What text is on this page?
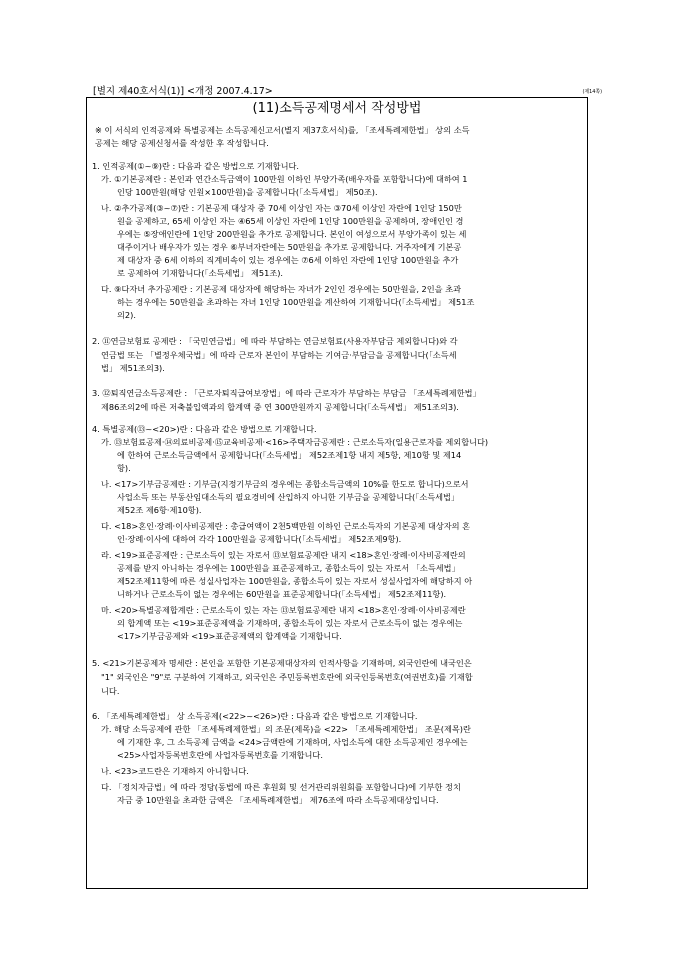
[별지 제40호서식(1)] <개정 2007.4.17>	(제14쪽)
(11)소득공제명세서 작성방법
※ 이 서식의 인적공제와 특별공제는 소득공제신고서(별지 제37호서식)를, 「조세특례제한법」 상의 소득
공제는 해당 공제신청서를 작성한 후 작성합니다.
1. 인적공제(①~⑨)란 : 다음과 같은 방법으로 기재합니다.
가. ①기본공제란 : 본인과 연간소득금액이 100만원 이하인 부양가족(배우자를 포함합니다)에 대하여 1
인당 100만원(해당 인원×100만원)을 공제합니다(「소득세법」 제50조).
나. ②추가공제(③~⑦)란 : 기본공제 대상자 중 70세 이상인 자는 ③70세 이상인 자란에 1인당 150만
원을 공제하고, 65세 이상인 자는 ④65세 이상인 자란에 1인당 100만원을 공제하며, 장애인인 경
우에는 ⑤장애인란에 1인당 200만원을 추가로 공제합니다. 본인이 여성으로서 부양가족이 있는 세
대주이거나 배우자가 있는 경우 ⑥부녀자란에는 50만원을 추가로 공제합니다. 거주자에게 기본공
제 대상자 중 6세 이하의 직계비속이 있는 경우에는 ⑦6세 이하인 자란에 1인당 100만원을 추가
로 공제하여 기재합니다(「소득세법」 제51조).
다. ⑨다자녀 추가공제란 : 기본공제 대상자에 해당하는 자녀가 2인인 경우에는 50만원을, 2인을 초과
하는 경우에는 50만원을 초과하는 자녀 1인당 100만원을 계산하여 기재합니다(「소득세법」 제51조
의2).
2. ⑪연금보험료 공제란 : 「국민연금법」에 따라 부담하는 연금보험료(사용자부담금 제외합니다)와 각
연금법 또는 「별정우체국법」에 따라 근로자 본인이 부담하는 기여금·부담금을 공제합니다(「소득세
법」 제51조의3).
3. ⑫퇴직연금소득공제란 : 「근로자퇴직급여보장법」에 따라 근로자가 부담하는 부담금 「조세특례제한법」
제86조의2에 따른 저축불입액과의 합계액 중 연 300만원까지 공제합니다(「소득세법」 제51조의3).
4. 특별공제(⑬~<20>)란 : 다음과 같은 방법으로 기재합니다.
가. ⑬보험료공제·⑭의료비공제·⑮교육비공제·<16>주택자금공제란 : 근로소득자(일용근로자를 제외합니다)
에 한하여 근로소득금액에서 공제합니다(「소득세법」 제52조제1항 내지 제5항, 제10항 및 제14
항).
나. <17>기부금공제란 : 기부금(지정기부금의 경우에는 종합소득금액의 10%를 한도로 합니다)으로서
사업소득 또는 부동산임대소득의 필요경비에 산입하지 아니한 기부금을 공제합니다(「소득세법」
제52조 제6항·제10항).
다. <18>혼인·장례·이사비공제란 : 총급여액이 2천5백만원 이하인 근로소득자의 기본공제 대상자의 혼
인·장례·이사에 대하여 각각 100만원을 공제합니다(「소득세법」 제52조제9항).
라. <19>표준공제란 : 근로소득이 있는 자로서 ⑬보험료공제란 내지 <18>혼인·장례·이사비공제란의
공제를 받지 아니하는 경우에는 100만원을 표준공제하고, 종합소득이 있는 자로서 「소득세법」
제52조제11항에 따른 성실사업자는 100만원을, 종합소득이 있는 자로서 성실사업자에 해당하지 아
니하거나 근로소득이 없는 경우에는 60만원을 표준공제합니다(「소득세법」 제52조제11항).
마. <20>특별공제합계란 : 근로소득이 있는 자는 ⑬보험료공제란 내지 <18>혼인·장례·이사비공제란
의 합계액 또는 <19>표준공제액을 기재하며, 종합소득이 있는 자로서 근로소득이 없는 경우에는
<17>기부금공제와 <19>표준공제액의 합계액을 기재합니다.
5. <21>기본공제자 명세란 : 본인을 포함한 기본공제대상자의 인적사항을 기재하며, 외국인란에 내국인은
"1" 외국인은 "9"로 구분하여 기재하고, 외국인은 주민등록번호란에 외국인등록번호(여권번호)를 기재합
니다.
6. 「조세특례제한법」 상 소득공제(<22>~<26>)란 : 다음과 같은 방법으로 기재합니다.
가. 해당 소득공제에 관한 「조세특례제한법」의 조문(제목)을 <22> 「조세특례제한법」 조문(제목)란
에 기재한 후, 그 소득공제 금액을 <24>금액란에 기재하며, 사업소득에 대한 소득공제인 경우에는
<25>사업자등록번호란에 사업자등록번호를 기재합니다.
나. <23>코드란은 기재하지 아니합니다.
다. 「정치자금법」에 따라 정당(동법에 따른 후원회 및 선거관리위원회를 포함합니다)에 기부한 정치
자금 중 10만원을 초과한 금액은 「조세특례제한법」 제76조에 따라 소득공제대상입니다.
